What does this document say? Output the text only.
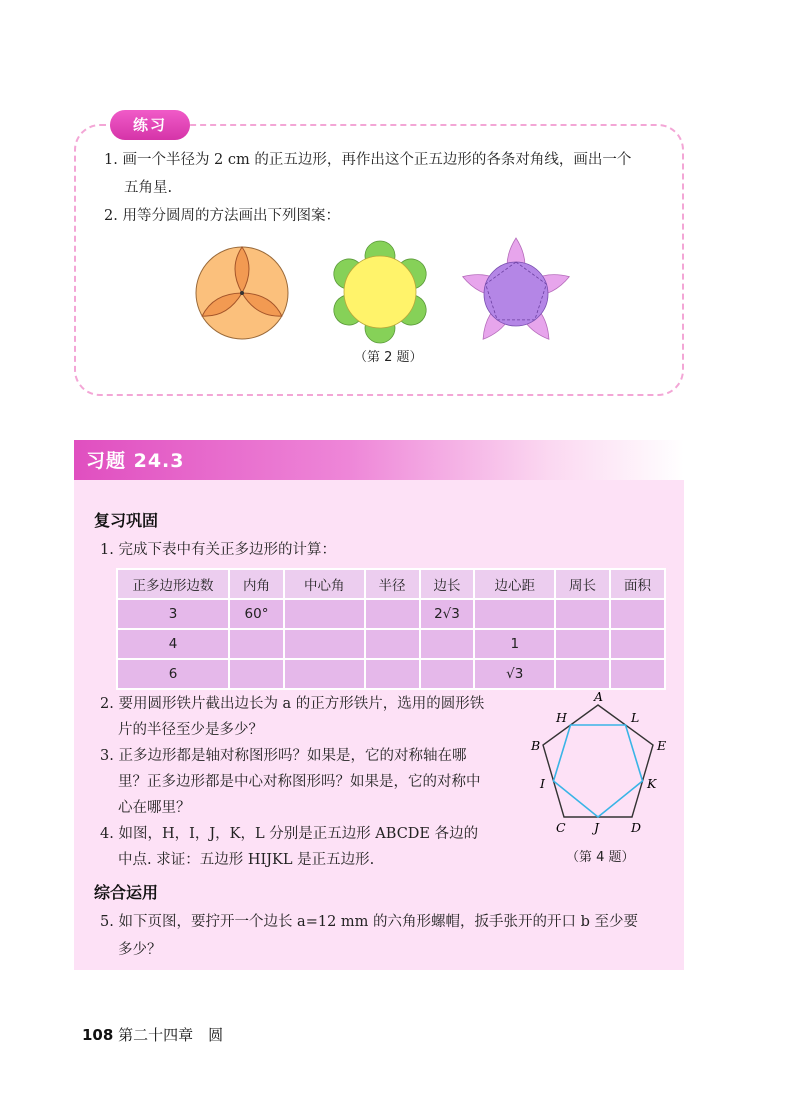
练习
1. 画一个半径为 2 cm 的正五边形，再作出这个正五边形的各条对角线，画出一个
五角星.
2. 用等分圆周的方法画出下列图案：
（第 2 题）
习题 24.3
复习巩固
1. 完成下表中有关正多边形的计算：
正多边形边数	内角	中心角	半径	边长	边心距	周长	面积
3	60°			2√3			
4					1		
6					√3		
2. 要用圆形铁片截出边长为 a 的正方形铁片，选用的圆形铁
片的半径至少是多少？
3. 正多边形都是轴对称图形吗？如果是，它的对称轴在哪
里？正多边形都是中心对称图形吗？如果是，它的对称中
心在哪里？
4. 如图，H，I，J，K，L 分别是正五边形 ABCDE 各边的
中点. 求证：五边形 HIJKL 是正五边形.
A
E
D
C
B
H	L
K
J
I
（第 4 题）
综合运用
5. 如下页图，要拧开一个边长 a=12 mm 的六角形螺帽，扳手张开的开口 b 至少要
多少？
108 第二十四章　圆
